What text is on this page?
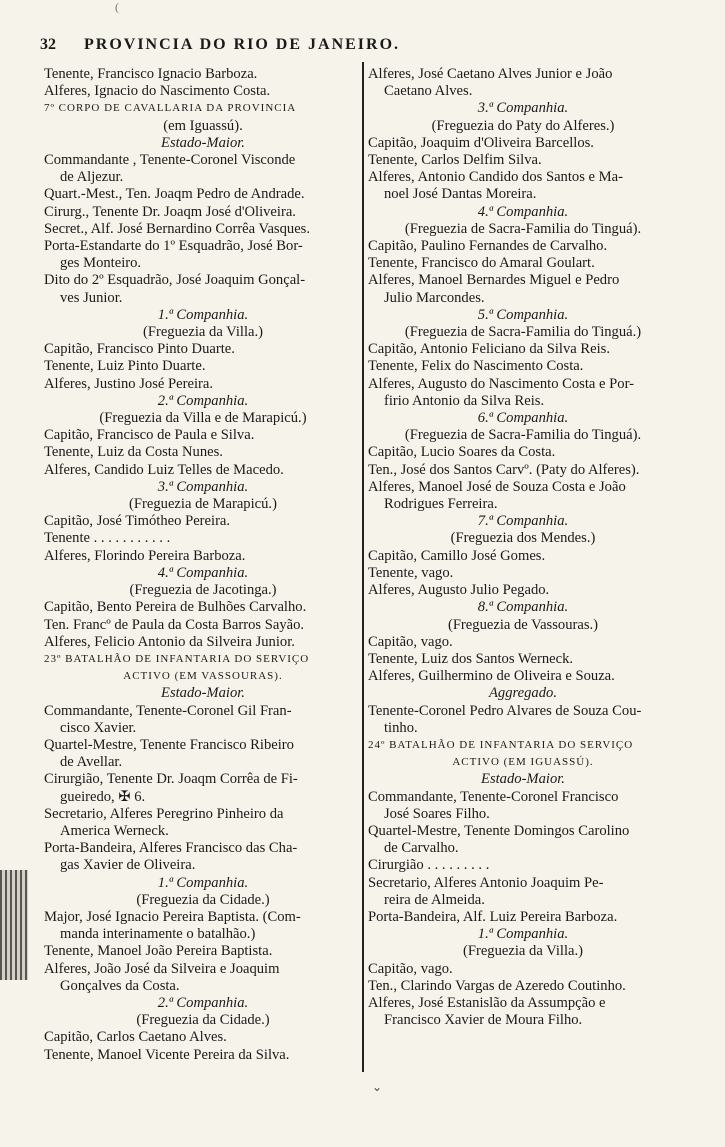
(
32 PROVINCIA DO RIO DE JANEIRO.
Tenente, Francisco Ignacio Barboza.
Alferes, Ignacio do Nascimento Costa.
7º CORPO DE CAVALLARIA DA PROVINCIA
(em Iguassú).
Estado-Maior.
Commandante , Tenente-Coronel Visconde
de Aljezur.
Quart.-Mest., Ten. Joaqm Pedro de Andrade.
Cirurg., Tenente Dr. Joaqm José d'Oliveira.
Secret., Alf. José Bernardino Corrêa Vasques.
Porta-Estandarte do 1º Esquadrão, José Bor-
ges Monteiro.
Dito do 2º Esquadrão, José Joaquim Gonçal-
ves Junior.
1.ª Companhia.
(Freguezia da Villa.)
Capitão, Francisco Pinto Duarte.
Tenente, Luiz Pinto Duarte.
Alferes, Justino José Pereira.
2.ª Companhia.
(Freguezia da Villa e de Marapicú.)
Capitão, Francisco de Paula e Silva.
Tenente, Luiz da Costa Nunes.
Alferes, Candido Luiz Telles de Macedo.
3.ª Companhia.
(Freguezia de Marapicú.)
Capitão, José Timótheo Pereira.
Tenente . . . . . . . . . . .
Alferes, Florindo Pereira Barboza.
4.ª Companhia.
(Freguezia de Jacotinga.)
Capitão, Bento Pereira de Bulhões Carvalho.
Ten. Francº de Paula da Costa Barros Sayão.
Alferes, Felicio Antonio da Silveira Junior.
23º BATALHÃO DE INFANTARIA DO SERVIÇO
ACTIVO (EM VASSOURAS).
Estado-Maior.
Commandante, Tenente-Coronel Gil Fran-
cisco Xavier.
Quartel-Mestre, Tenente Francisco Ribeiro
de Avellar.
Cirurgião, Tenente Dr. Joaqm Corrêa de Fi-
gueiredo, ✠ 6.
Secretario, Alferes Peregrino Pinheiro da
America Werneck.
Porta-Bandeira, Alferes Francisco das Cha-
gas Xavier de Oliveira.
1.ª Companhia.
(Freguezia da Cidade.)
Major, José Ignacio Pereira Baptista. (Com-
manda interinamente o batalhão.)
Tenente, Manoel João Pereira Baptista.
Alferes, João José da Silveira e Joaquim
Gonçalves da Costa.
2.ª Companhia.
(Freguezia da Cidade.)
Capitão, Carlos Caetano Alves.
Tenente, Manoel Vicente Pereira da Silva.
Alferes, José Caetano Alves Junior e João
Caetano Alves.
3.ª Companhia.
(Freguezia do Paty do Alferes.)
Capitão, Joaquim d'Oliveira Barcellos.
Tenente, Carlos Delfim Silva.
Alferes, Antonio Candido dos Santos e Ma-
noel José Dantas Moreira.
4.ª Companhia.
(Freguezia de Sacra-Familia do Tinguá).
Capitão, Paulino Fernandes de Carvalho.
Tenente, Francisco do Amaral Goulart.
Alferes, Manoel Bernardes Miguel e Pedro
Julio Marcondes.
5.ª Companhia.
(Freguezia de Sacra-Familia do Tinguá.)
Capitão, Antonio Feliciano da Silva Reis.
Tenente, Felix do Nascimento Costa.
Alferes, Augusto do Nascimento Costa e Por-
firio Antonio da Silva Reis.
6.ª Companhia.
(Freguezia de Sacra-Familia do Tinguá).
Capitão, Lucio Soares da Costa.
Ten., José dos Santos Carvº. (Paty do Alferes).
Alferes, Manoel José de Souza Costa e João
Rodrigues Ferreira.
7.ª Companhia.
(Freguezia dos Mendes.)
Capitão, Camillo José Gomes.
Tenente, vago.
Alferes, Augusto Julio Pegado.
8.ª Companhia.
(Freguezia de Vassouras.)
Capitão, vago.
Tenente, Luiz dos Santos Werneck.
Alferes, Guilhermino de Oliveira e Souza.
Aggregado.
Tenente-Coronel Pedro Alvares de Souza Cou-
tinho.
24º BATALHÃO DE INFANTARIA DO SERVIÇO
ACTIVO (EM IGUASSÚ).
Estado-Maior.
Commandante, Tenente-Coronel Francisco
José Soares Filho.
Quartel-Mestre, Tenente Domingos Carolino
de Carvalho.
Cirurgião . . . . . . . . .
Secretario, Alferes Antonio Joaquim Pe-
reira de Almeida.
Porta-Bandeira, Alf. Luiz Pereira Barboza.
1.ª Companhia.
(Freguezia da Villa.)
Capitão, vago.
Ten., Clarindo Vargas de Azeredo Coutinho.
Alferes, José Estanislão da Assumpção e
Francisco Xavier de Moura Filho.
⌄
